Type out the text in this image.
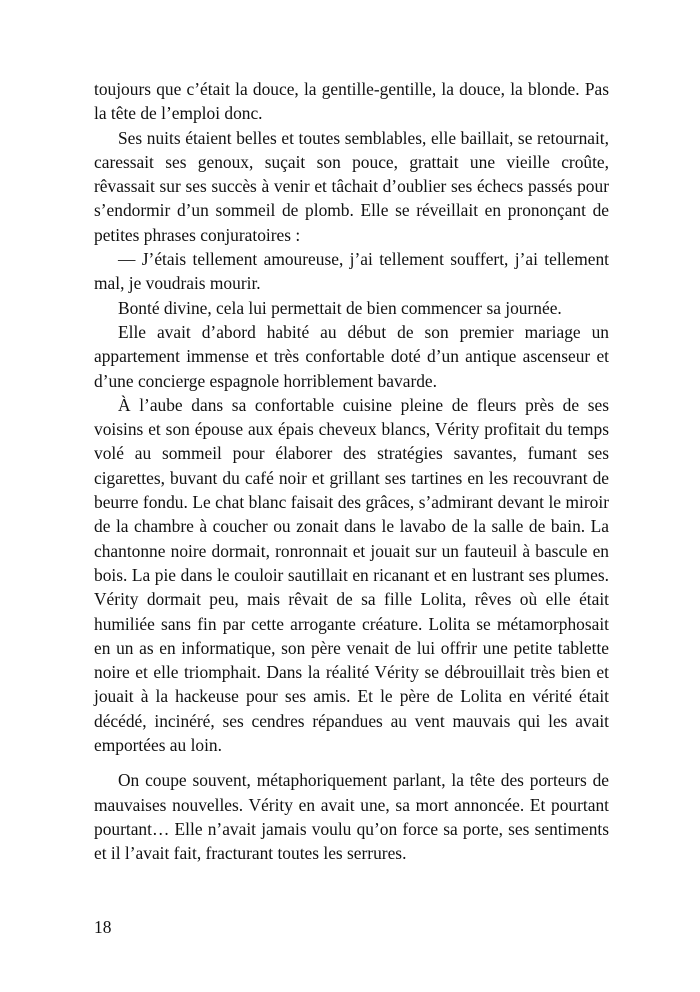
toujours que c’était la douce, la gentille-gentille, la douce, la blonde. Pas la tête de l’emploi donc.

Ses nuits étaient belles et toutes semblables, elle baillait, se retournait, caressait ses genoux, suçait son pouce, grattait une vieille croûte, rêvassait sur ses succès à venir et tâchait d’oublier ses échecs passés pour s’endormir d’un sommeil de plomb. Elle se réveillait en prononçant de petites phrases conjuratoires :

— J’étais tellement amoureuse, j’ai tellement souffert, j’ai tellement mal, je voudrais mourir.

Bonté divine, cela lui permettait de bien commencer sa journée.

Elle avait d’abord habité au début de son premier mariage un appartement immense et très confortable doté d’un antique ascenseur et d’une concierge espagnole horriblement bavarde.

À l’aube dans sa confortable cuisine pleine de fleurs près de ses voisins et son épouse aux épais cheveux blancs, Vérity profitait du temps volé au sommeil pour élaborer des stratégies savantes, fumant ses cigarettes, buvant du café noir et grillant ses tartines en les recouvrant de beurre fondu. Le chat blanc faisait des grâces, s’admirant devant le miroir de la chambre à coucher ou zonait dans le lavabo de la salle de bain. La chantonne noire dormait, ronronnait et jouait sur un fauteuil à bascule en bois. La pie dans le couloir sautillait en ricanant et en lustrant ses plumes. Vérity dormait peu, mais rêvait de sa fille Lolita, rêves où elle était humiliée sans fin par cette arrogante créature. Lolita se métamorphosait en un as en informatique, son père venait de lui offrir une petite tablette noire et elle triomphait. Dans la réalité Vérity se débrouillait très bien et jouait à la hackeuse pour ses amis. Et le père de Lolita en vérité était décédé, incinéré, ses cendres répandues au vent mauvais qui les avait emportées au loin.

On coupe souvent, métaphoriquement parlant, la tête des porteurs de mauvaises nouvelles. Vérity en avait une, sa mort annoncée. Et pourtant pourtant… Elle n’avait jamais voulu qu’on force sa porte, ses sentiments et il l’avait fait, fracturant toutes les serrures.

18
